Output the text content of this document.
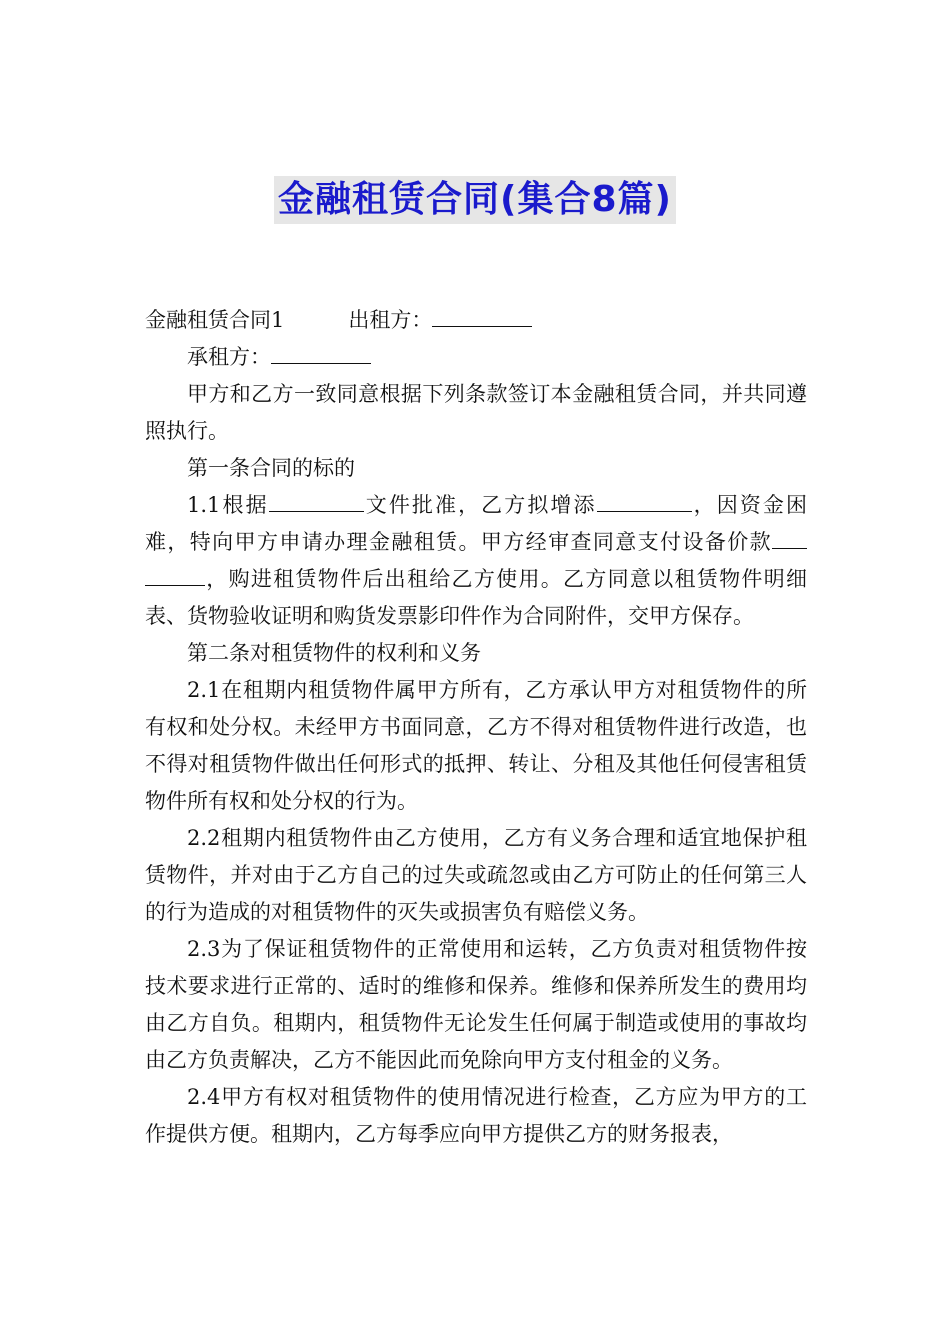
金融租赁合同(集合8篇)

金融租赁合同1	出租方：

承租方：

甲方和乙方一致同意根据下列条款签订本金融租赁合同，并共同遵照执行。

第一条合同的标的

1.1根据	文件批准，乙方拟增添	，因资金困难，特向甲方申请办理金融租赁。甲方经审查同意支付设备价款，购进租赁物件后出租给乙方使用。乙方同意以租赁物件明细表、货物验收证明和购货发票影印件作为合同附件，交甲方保存。

第二条对租赁物件的权利和义务

2.1在租期内租赁物件属甲方所有，乙方承认甲方对租赁物件的所有权和处分权。未经甲方书面同意，乙方不得对租赁物件进行改造，也不得对租赁物件做出任何形式的抵押、转让、分租及其他任何侵害租赁物件所有权和处分权的行为。

2.2租期内租赁物件由乙方使用，乙方有义务合理和适宜地保护租赁物件，并对由于乙方自己的过失或疏忽或由乙方可防止的任何第三人的行为造成的对租赁物件的灭失或损害负有赔偿义务。

2.3为了保证租赁物件的正常使用和运转，乙方负责对租赁物件按技术要求进行正常的、适时的维修和保养。维修和保养所发生的费用均由乙方自负。租期内，租赁物件无论发生任何属于制造或使用的事故均由乙方负责解决，乙方不能因此而免除向甲方支付租金的义务。

2.4甲方有权对租赁物件的使用情况进行检查，乙方应为甲方的工作提供方便。租期内，乙方每季应向甲方提供乙方的财务报表，
